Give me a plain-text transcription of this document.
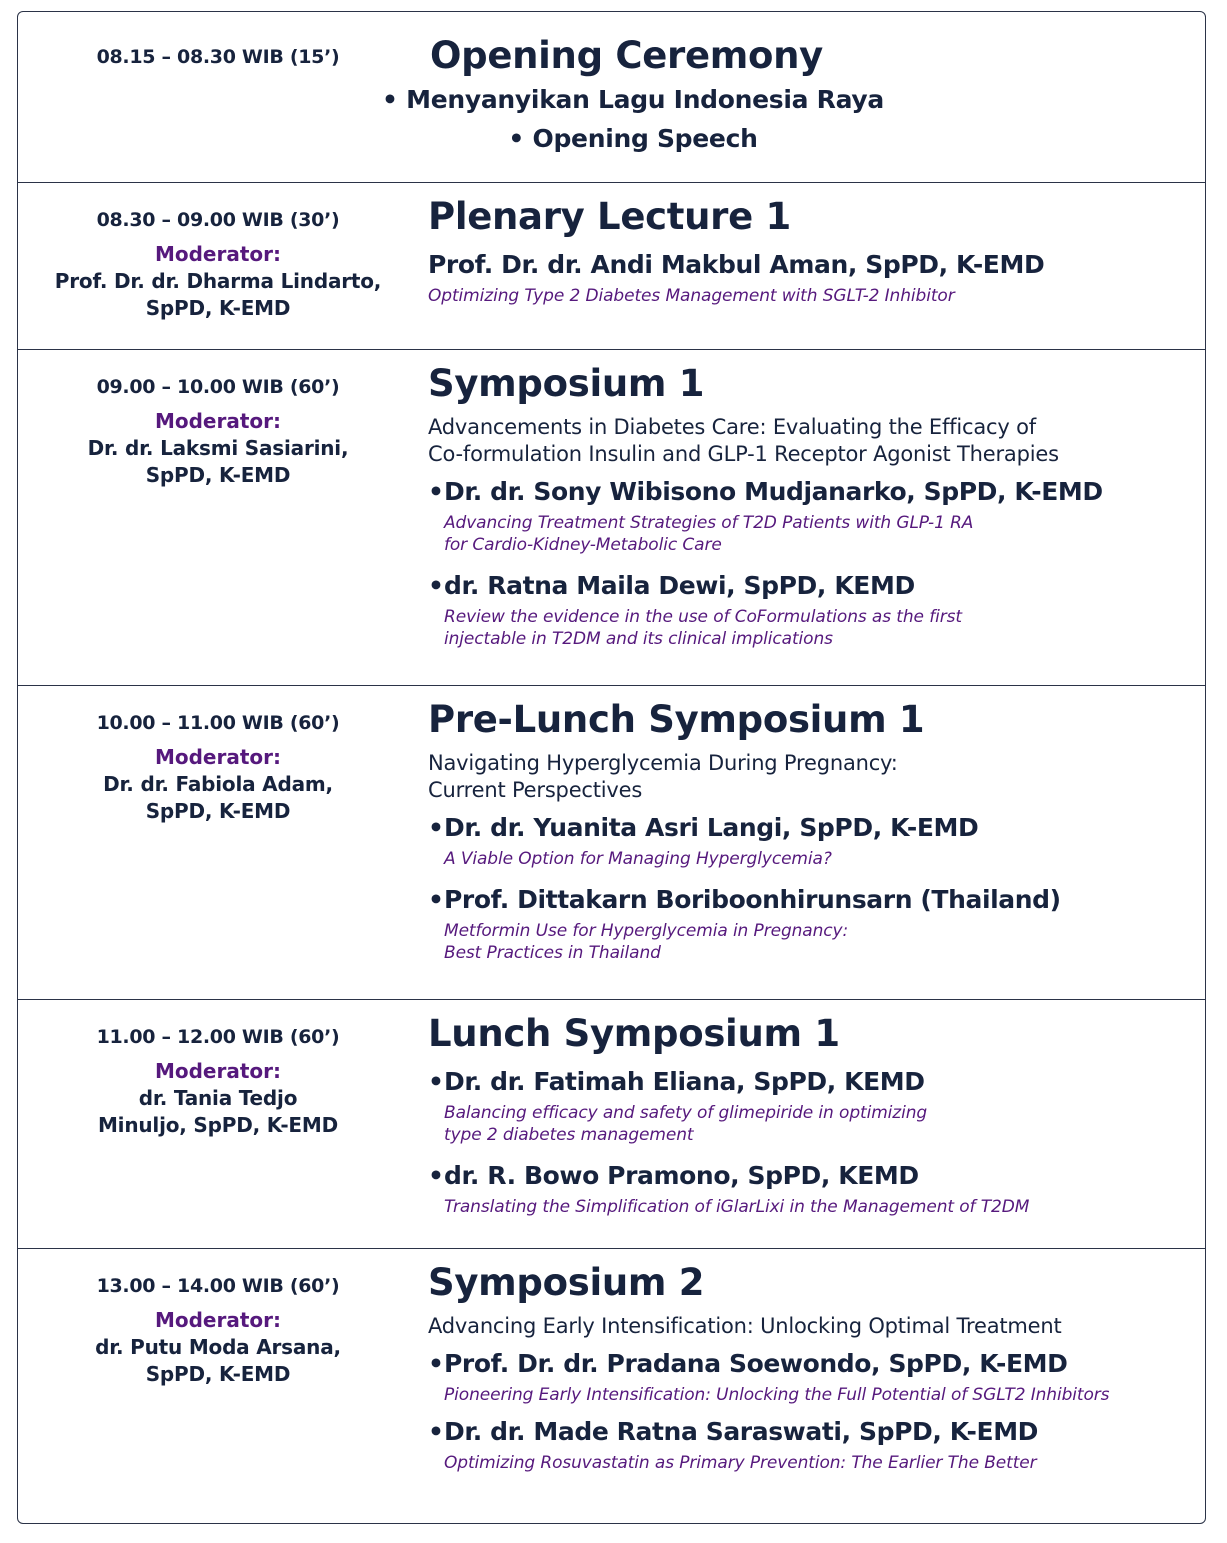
08.15 – 08.30 WIB (15’)	Opening Ceremony
• Menyanyikan Lagu Indonesia Raya
• Opening Speech
08.30 – 09.00 WIB (30’)
Moderator:
Prof. Dr. dr. Dharma Lindarto,
SpPD, K-EMD
Plenary Lecture 1
Prof. Dr. dr. Andi Makbul Aman, SpPD, K-EMD
Optimizing Type 2 Diabetes Management with SGLT-2 Inhibitor
09.00 – 10.00 WIB (60’)
Moderator:
Dr. dr. Laksmi Sasiarini,
SpPD, K-EMD
Symposium 1
Advancements in Diabetes Care: Evaluating the Efficacy of
Co-formulation Insulin and GLP-1 Receptor Agonist Therapies
•Dr. dr. Sony Wibisono Mudjanarko, SpPD, K-EMD
Advancing Treatment Strategies of T2D Patients with GLP-1 RA
for Cardio-Kidney-Metabolic Care
•dr. Ratna Maila Dewi, SpPD, KEMD
Review the evidence in the use of CoFormulations as the first
injectable in T2DM and its clinical implications
10.00 – 11.00 WIB (60’)
Moderator:
Dr. dr. Fabiola Adam,
SpPD, K-EMD
Pre-Lunch Symposium 1
Navigating Hyperglycemia During Pregnancy:
Current Perspectives
•Dr. dr. Yuanita Asri Langi, SpPD, K-EMD
A Viable Option for Managing Hyperglycemia?
•Prof. Dittakarn Boriboonhirunsarn (Thailand)
Metformin Use for Hyperglycemia in Pregnancy:
Best Practices in Thailand
11.00 – 12.00 WIB (60’)
Moderator:
dr. Tania Tedjo
Minuljo, SpPD, K-EMD
Lunch Symposium 1
•Dr. dr. Fatimah Eliana, SpPD, KEMD
Balancing efficacy and safety of glimepiride in optimizing
type 2 diabetes management
•dr. R. Bowo Pramono, SpPD, KEMD
Translating the Simplification of iGlarLixi in the Management of T2DM
13.00 – 14.00 WIB (60’)
Moderator:
dr. Putu Moda Arsana,
SpPD, K-EMD
Symposium 2
Advancing Early Intensification: Unlocking Optimal Treatment
•Prof. Dr. dr. Pradana Soewondo, SpPD, K-EMD
Pioneering Early Intensification: Unlocking the Full Potential of SGLT2 Inhibitors
•Dr. dr. Made Ratna Saraswati, SpPD, K-EMD
Optimizing Rosuvastatin as Primary Prevention: The Earlier The Better
